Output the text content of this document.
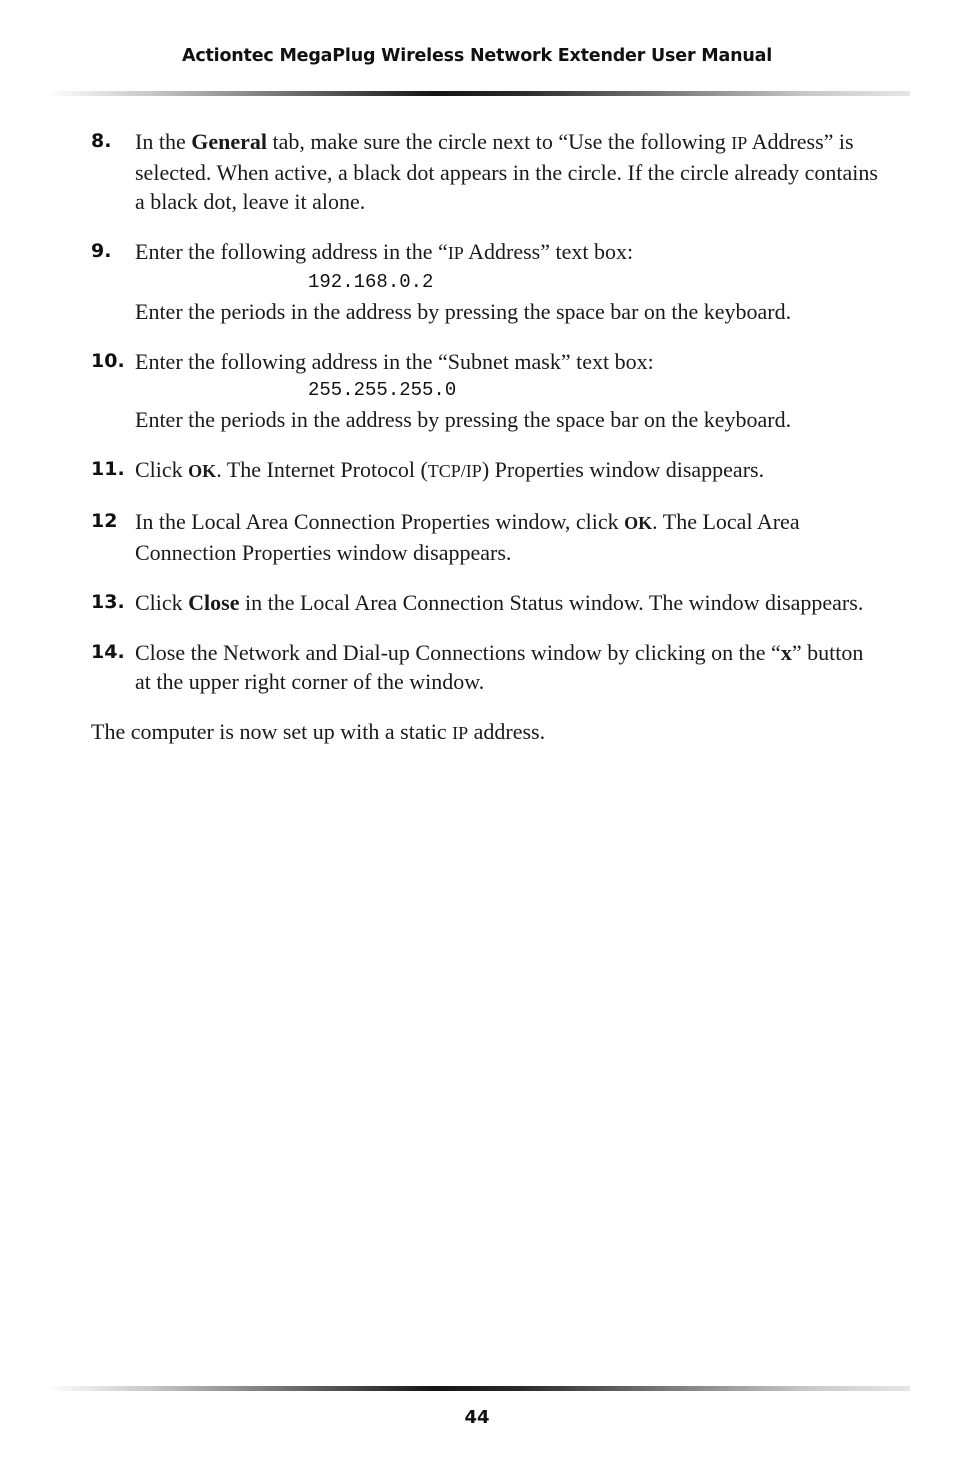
Actiontec MegaPlug Wireless Network Extender User Manual
8.	In the General tab, make sure the circle next to “Use the following IP Address” is selected. When active, a black dot appears in the circle. If the circle already contains a black dot, leave it alone.
9.	Enter the following address in the “IP Address” text box:
192.168.0.2
Enter the periods in the address by pressing the space bar on the keyboard.
10. Enter the following address in the “Subnet mask” text box:
255.255.255.0
Enter the periods in the address by pressing the space bar on the keyboard.
11. Click OK. The Internet Protocol (TCP/IP) Properties window disappears.
12 In the Local Area Connection Properties window, click OK. The Local Area Connection Properties window disappears.
13. Click Close in the Local Area Connection Status window. The window disappears.
14. Close the Network and Dial-up Connections window by clicking on the “x” button at the upper right corner of the window.
The computer is now set up with a static IP address.
44
